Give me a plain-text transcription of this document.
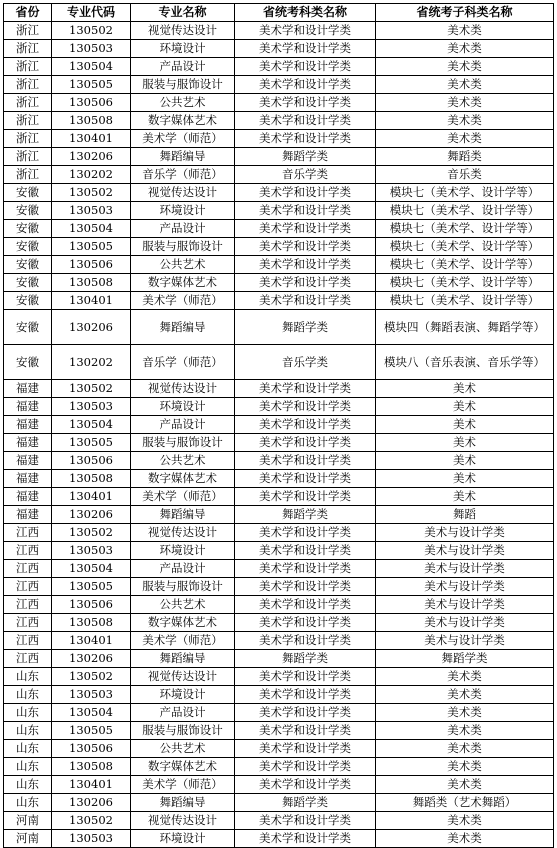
省份	专业代码	专业名称	省统考科类名称	省统考子科类名称
浙江	130502	视觉传达设计	美术学和设计学类	美术类
浙江	130503	环境设计	美术学和设计学类	美术类
浙江	130504	产品设计	美术学和设计学类	美术类
浙江	130505	服装与服饰设计	美术学和设计学类	美术类
浙江	130506	公共艺术	美术学和设计学类	美术类
浙江	130508	数字媒体艺术	美术学和设计学类	美术类
浙江	130401	美术学（师范）	美术学和设计学类	美术类
浙江	130206	舞蹈编导	舞蹈学类	舞蹈类
浙江	130202	音乐学（师范）	音乐学类	音乐类
安徽	130502	视觉传达设计	美术学和设计学类	模块七（美术学、设计学等）
安徽	130503	环境设计	美术学和设计学类	模块七（美术学、设计学等）
安徽	130504	产品设计	美术学和设计学类	模块七（美术学、设计学等）
安徽	130505	服装与服饰设计	美术学和设计学类	模块七（美术学、设计学等）
安徽	130506	公共艺术	美术学和设计学类	模块七（美术学、设计学等）
安徽	130508	数字媒体艺术	美术学和设计学类	模块七（美术学、设计学等）
安徽	130401	美术学（师范）	美术学和设计学类	模块七（美术学、设计学等）
安徽	130206	舞蹈编导	舞蹈学类	模块四（舞蹈表演、舞蹈学等）
安徽	130202	音乐学（师范）	音乐学类	模块八（音乐表演、音乐学等）
福建	130502	视觉传达设计	美术学和设计学类	美术
福建	130503	环境设计	美术学和设计学类	美术
福建	130504	产品设计	美术学和设计学类	美术
福建	130505	服装与服饰设计	美术学和设计学类	美术
福建	130506	公共艺术	美术学和设计学类	美术
福建	130508	数字媒体艺术	美术学和设计学类	美术
福建	130401	美术学（师范）	美术学和设计学类	美术
福建	130206	舞蹈编导	舞蹈学类	舞蹈
江西	130502	视觉传达设计	美术学和设计学类	美术与设计学类
江西	130503	环境设计	美术学和设计学类	美术与设计学类
江西	130504	产品设计	美术学和设计学类	美术与设计学类
江西	130505	服装与服饰设计	美术学和设计学类	美术与设计学类
江西	130506	公共艺术	美术学和设计学类	美术与设计学类
江西	130508	数字媒体艺术	美术学和设计学类	美术与设计学类
江西	130401	美术学（师范）	美术学和设计学类	美术与设计学类
江西	130206	舞蹈编导	舞蹈学类	舞蹈学类
山东	130502	视觉传达设计	美术学和设计学类	美术类
山东	130503	环境设计	美术学和设计学类	美术类
山东	130504	产品设计	美术学和设计学类	美术类
山东	130505	服装与服饰设计	美术学和设计学类	美术类
山东	130506	公共艺术	美术学和设计学类	美术类
山东	130508	数字媒体艺术	美术学和设计学类	美术类
山东	130401	美术学（师范）	美术学和设计学类	美术类
山东	130206	舞蹈编导	舞蹈学类	舞蹈类（艺术舞蹈）
河南	130502	视觉传达设计	美术学和设计学类	美术类
河南	130503	环境设计	美术学和设计学类	美术类
